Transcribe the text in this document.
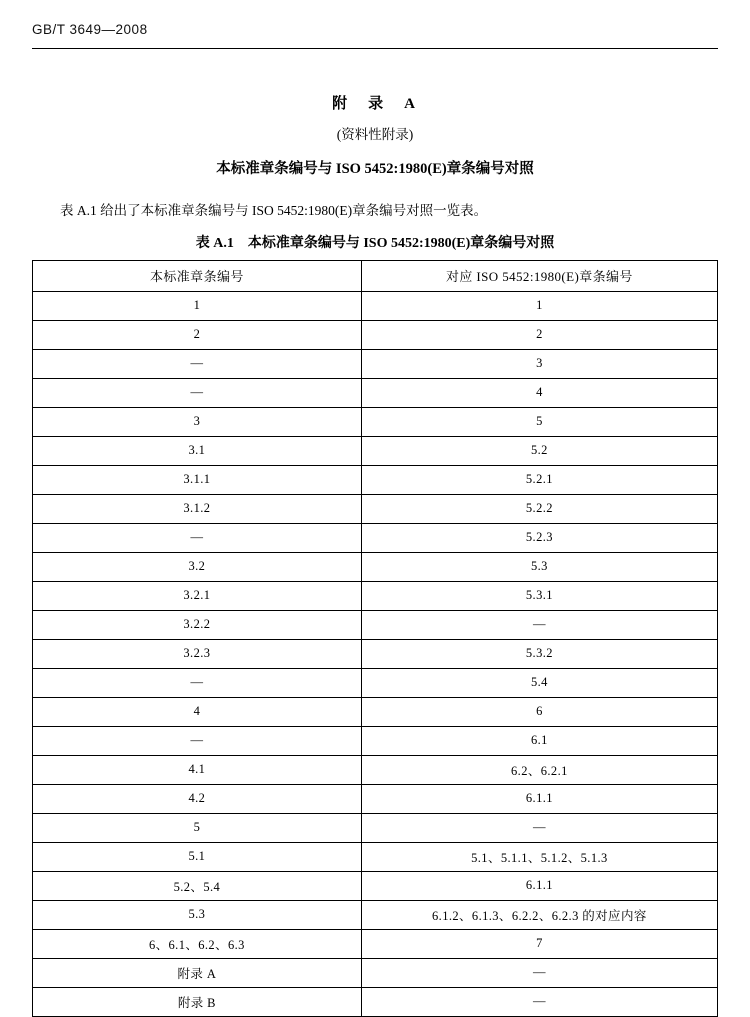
GB/T 3649—2008
附　录　A
(资料性附录)
本标准章条编号与 ISO 5452:1980(E)章条编号对照

表 A.1 给出了本标准章条编号与 ISO 5452:1980(E)章条编号对照一览表。

表 A.1　本标准章条编号与 ISO 5452:1980(E)章条编号对照
本标准章条编号	对应 ISO 5452:1980(E)章条编号
1	1
2	2
—	3
—	4
3	5
3.1	5.2
3.1.1	5.2.1
3.1.2	5.2.2
—	5.2.3
3.2	5.3
3.2.1	5.3.1
3.2.2	—
3.2.3	5.3.2
—	5.4
4	6
—	6.1
4.1	6.2、6.2.1
4.2	6.1.1
5	—
5.1	5.1、5.1.1、5.1.2、5.1.3
5.2、5.4	6.1.1
5.3	6.1.2、6.1.3、6.2.2、6.2.3 的对应内容
6、6.1、6.2、6.3	7
附录 A	—
附录 B	—
